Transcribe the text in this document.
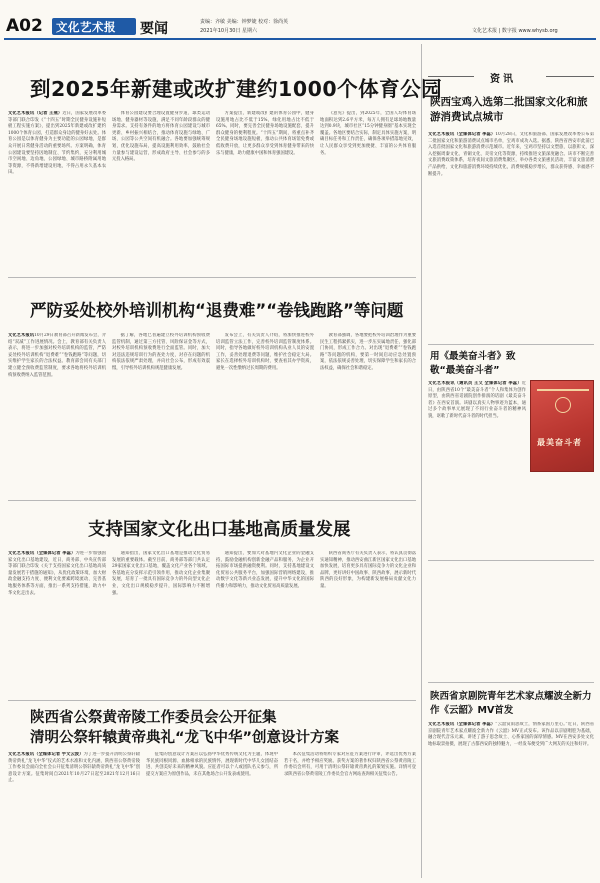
A02 文化艺术报 要闻	责编：齐敏 美编：钟梦婕 校对：徐尚英
2021年10月30日 星期六	文化艺术报 | 数字报 www.whysb.org
到2025年新建或改扩建约1000个体育公园
文化艺术报讯（记者 王燕）近日，国家发展改革委等部门联合印发《“十四五”时期全民健身设施补短板工程实施方案》，提出到2025年新建或改扩建约1000个体育公园，打造群众身边的健身好去处。体育公园是以体育健身为主要功能的公园绿地，是群众开展日常健身活动的重要场所。方案明确，体育公园建设要坚持因地制宜、节约集约，充分利用城市空闲地、边角地、公园绿地、城市路桥附属用地等资源，不得新增建设用地，不得占用永久基本农田。
体育公园建设要合理设置健身步道、球类运动场地、健身器材等设施，满足不同年龄段群众的健身需求。支持有条件的地方将体育公园建设与城市更新、乡村振兴相结合，推动体育设施与绿地、广场、公园等公共空间有机融合。各地要加强统筹规划，优化设施布局，提高设施利用效率，鼓励社会力量参与建设运营，形成政府主导、社会参与的多元投入格局。
方案提出，新建或改扩建的体育公园中，健身设施用地占比不低于15%，绿化用地占比不低于65%。同时，要完善全民健身场地设施配套，提升群众健身的便利程度。“十四五”期间，将重点补齐全民健身场地设施短板，推动公共体育场馆免费或低收费开放，让更多群众享受到体育健身带来的快乐与健康，助力健康中国和体育强国建设。
《意见》提出，到2025年，全国人均体育场地面积达到2.6平方米，每万人拥有足球场地数量达到0.9块，城市社区“15分钟健身圈”基本实现全覆盖。各地区要结合实际，制定具体实施方案，明确目标任务和工作责任，确保各项举措落地见效，让人民群众享受到更加便捷、丰富的公共体育服务。
严防妥处校外培训机构“退费难”“卷钱跑路”等问题
文化艺术报讯10月29日教育部召开新闻发布会，介绍“双减”工作进展情况。会上，教育部有关负责人表示，将进一步加强对校外培训机构的监管，严防妥处校外培训机构“退费难”“卷钱跑路”等问题，切实维护学生家长的合法权益。教育部会同有关部门建立健全预收费监管制度，要求各地将校外培训机构预收费纳入监管范围。
据了解，各地已普遍建立校外培训机构预收费监管机制，通过第三方托管、风险保证金等方式，对校外培训机构预收费进行全面监管。同时，加大对违法违规培训行为的查处力度，对存在问题的机构依法依规严肃处理，并向社会公布，形成有效震慑，引导校外培训机构规范健康发展。
发布会上，有关负责人介绍，将加快推进校外培训监管立法工作，完善校外培训监管制度体系。同时，指导各地做好校外培训机构从业人员的安置工作，妥善处理退费等问题，维护社会稳定大局。家长在选择校外培训机构时，要查看其办学资质，避免一次性缴纳过长周期的费用。
教育部强调，各地要把校外培训治理作为重要民生工程抓紧抓实，进一步压实属地责任，强化部门协同，形成工作合力。对出现“退费难”“卷钱跑路”等问题的机构，要第一时间启动应急处置预案，依法依规妥善处理，切实保障学生和家长的合法权益，确保社会和谐稳定。
支持国家文化出口基地高质量发展
文化艺术报讯（全媒体记者 李蕊）为进一步加强国家文化出口基地建设，近日，商务部、中央宣传部等部门联合印发《关于支持国家文化出口基地高质量发展若干措施的通知》，从优化政策环境、加大财政金融支持力度、便利文化要素跨境流动、完善基地服务体系等方面，推出一系列支持措施，助力中华文化走出去。
通知指出，国家文化出口基地是推动文化贸易发展的重要载体。截至目前，商务部等部门共认定29家国家文化出口基地，覆盖文化产业各个领域。各基地充分发挥示范引领作用，推动文化企业集聚发展，培育了一批具有国际竞争力的外向型文化企业，文化出口规模稳步提升，国际影响力不断增强。
通知提出，要加大对基地内文化企业的金融支持，鼓励金融机构创新金融产品和服务，为企业开拓国际市场提供融资便利。同时，支持基地建设文化贸易公共服务平台，加强国际营销网络建设，推动数字文化等新兴业态发展，提升中华文化的国际传播力和影响力，推动文化贸易高质量发展。
陕西省商务厅有关负责人表示，将认真贯彻落实通知精神，推动西安曲江新区国家文化出口基地加快发展，培育更多具有国际竞争力的文化企业和品牌，更好讲好中国故事、陕西故事，展示新时代陕西的良好形象，为构建新发展格局贡献文化力量。
陕西省公祭黄帝陵工作委员会公开征集
清明公祭轩辕黄帝典礼“龙飞中华”创意设计方案
文化艺术报讯（全媒体记者 宇文云波）为了进一步提升清明公祭轩辕黄帝典礼“龙飞中华”仪式的艺术水准和文化内涵，陕西省公祭黄帝陵工作委员会面向全社会公开征集清明公祭轩辕黄帝典礼“龙飞中华”创意设计方案。征集时间自2021年10月27日起至2021年12月16日止。
征集的创意设计方案应以弘扬中华优秀传统文化为主题，体现中华民族同根同源、血脉相承的民族情怀，展现新时代中华儿女团结奋进、共创美好未来的精神风貌。应征者可以个人或团队名义参与，所提交方案应为原创作品，未在其他场合公开发表或使用。
本次征集活动将组织专家对应征方案进行评审，评选出优秀方案若干名，并给予相应奖励。获奖方案的著作权归陕西省公祭黄帝陵工作委员会所有，可用于清明公祭轩辕黄帝典礼的策划实施。详情可登录陕西省公祭黄帝陵工作委员会官方网站查询相关征集公告。
资讯
陕西宝鸡入选第二批国家文化和旅游消费试点城市
文化艺术报讯（全媒体记者 李蕊）10月28日，文化和旅游部、国家发展改革委公布第二批国家文化和旅游消费试点城市名单，宝鸡市成功入选。据悉，陕西省西安市此前已入选首批国家文化和旅游消费示范城市。近年来，宝鸡市坚持以文塑旅、以旅彰文，深入挖掘周秦文化、青铜文化、炎帝文化等资源，持续推进文旅深度融合。该市不断完善文旅消费政策体系，培育夜间文旅消费集聚区，举办各类文旅惠民活动，丰富文旅消费产品供给，文化和旅游消费环境持续优化，消费规模稳步增长，群众获得感、幸福感不断提升。
用《最美奋斗者》致敬“最美奋斗者”
文化艺术报讯（通讯员 王艾 全媒体记者 李蕊）近日，由陕西省10个“最美奋斗者”个人和集体为创作原型，由陕西省话剧院创作排演的话剧《最美奋斗者》在西安首演。该剧以真实人物事迹为蓝本，通过多个故事单元展现了不同行业奋斗者的精神风貌，讴歌了新时代奋斗者的时代担当。
最美奋斗者
陕西省京剧院青年艺术家点耀波全新力作《云韶》MV首发
文化艺术报讯（全媒体记者 李蕊）“云韶赏雨思故土，情系家国万里心。”近日，陕西省京剧院青年艺术家点耀波全新力作《云韶》MV正式发布。该作品以京剧唱腔为基础，融合现代音乐元素，讲述了游子思念故土、心系家国的深厚情感。MV在西安多处文化地标取景拍摄，展现了古都西安的独特魅力，一经发布便受到广大网友的关注和好评。
